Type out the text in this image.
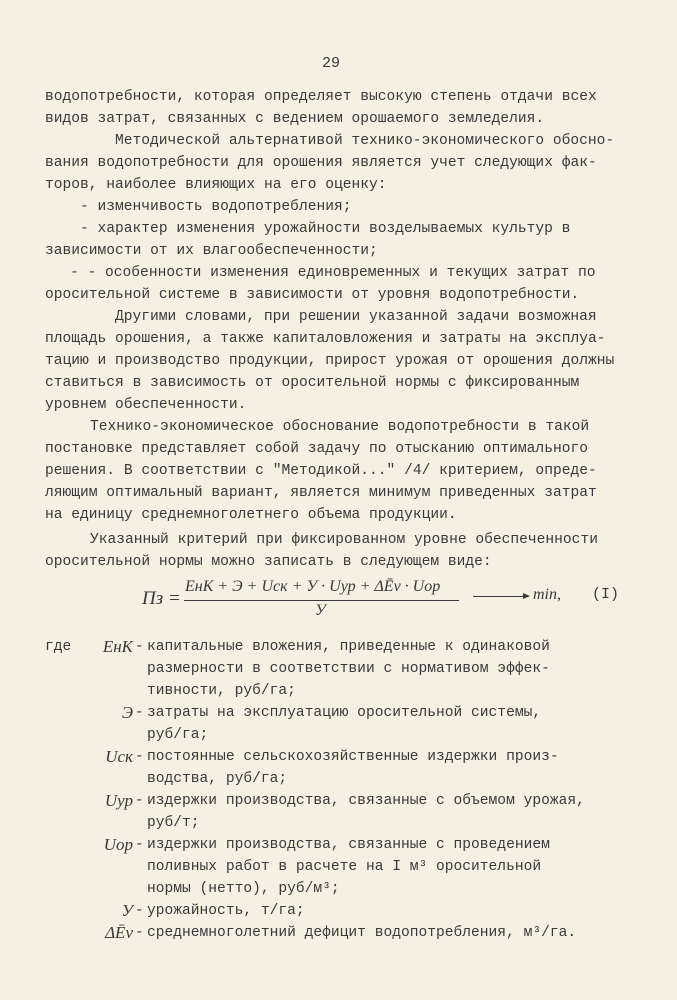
29
водопотребности, которая определяет высокую степень отдачи всех
видов затрат, связанных с ведением орошаемого земледелия.
Методической альтернативой технико-экономического обосно-
вания водопотребности для орошения является учет следующих фак-
торов, наиболее влияющих на его оценку:
- изменчивость водопотребления;
- характер изменения урожайности возделываемых культур в
зависимости от их влагообеспеченности;
- - особенности изменения единовременных и текущих затрат по
оросительной системе в зависимости от уровня водопотребности.
Другими словами, при решении указанной задачи возможная
площадь орошения, а также капиталовложения и затраты на эксплуа-
тацию и производство продукции, прирост урожая от орошения должны
ставиться в зависимость от оросительной нормы с фиксированным
уровнем обеспеченности.
Технико-экономическое обоснование водопотребности в такой
постановке представляет собой задачу по отысканию оптимального
решения. В соответствии с "Методикой..." /4/ критерием, опреде-
ляющим оптимальный вариант, является минимум приведенных затрат
на единицу среднемноголетнего объема продукции.
Указанный критерий при фиксированном уровне обеспеченности
оросительной нормы можно записать в следующем виде:
Пз =
EнK + Э + Uск + У · Uур + ΔĒv · Uор
У
min, (I)
где	EнK - капитальные вложения, приведенные к одинаковой
размерности в соответствии с нормативом эффек-
тивности, руб/га;
Э - затраты на эксплуатацию оросительной системы,
руб/га;
Uск - постоянные сельскохозяйственные издержки произ-
водства, руб/га;
Uур - издержки производства, связанные с объемом урожая,
руб/т;
Uор - издержки производства, связанные с проведением
поливных работ в расчете на I м³ оросительной
нормы (нетто), руб/м³;
У - урожайность, т/га;
ΔĒv - среднемноголетний дефицит водопотребления, м³/га.
